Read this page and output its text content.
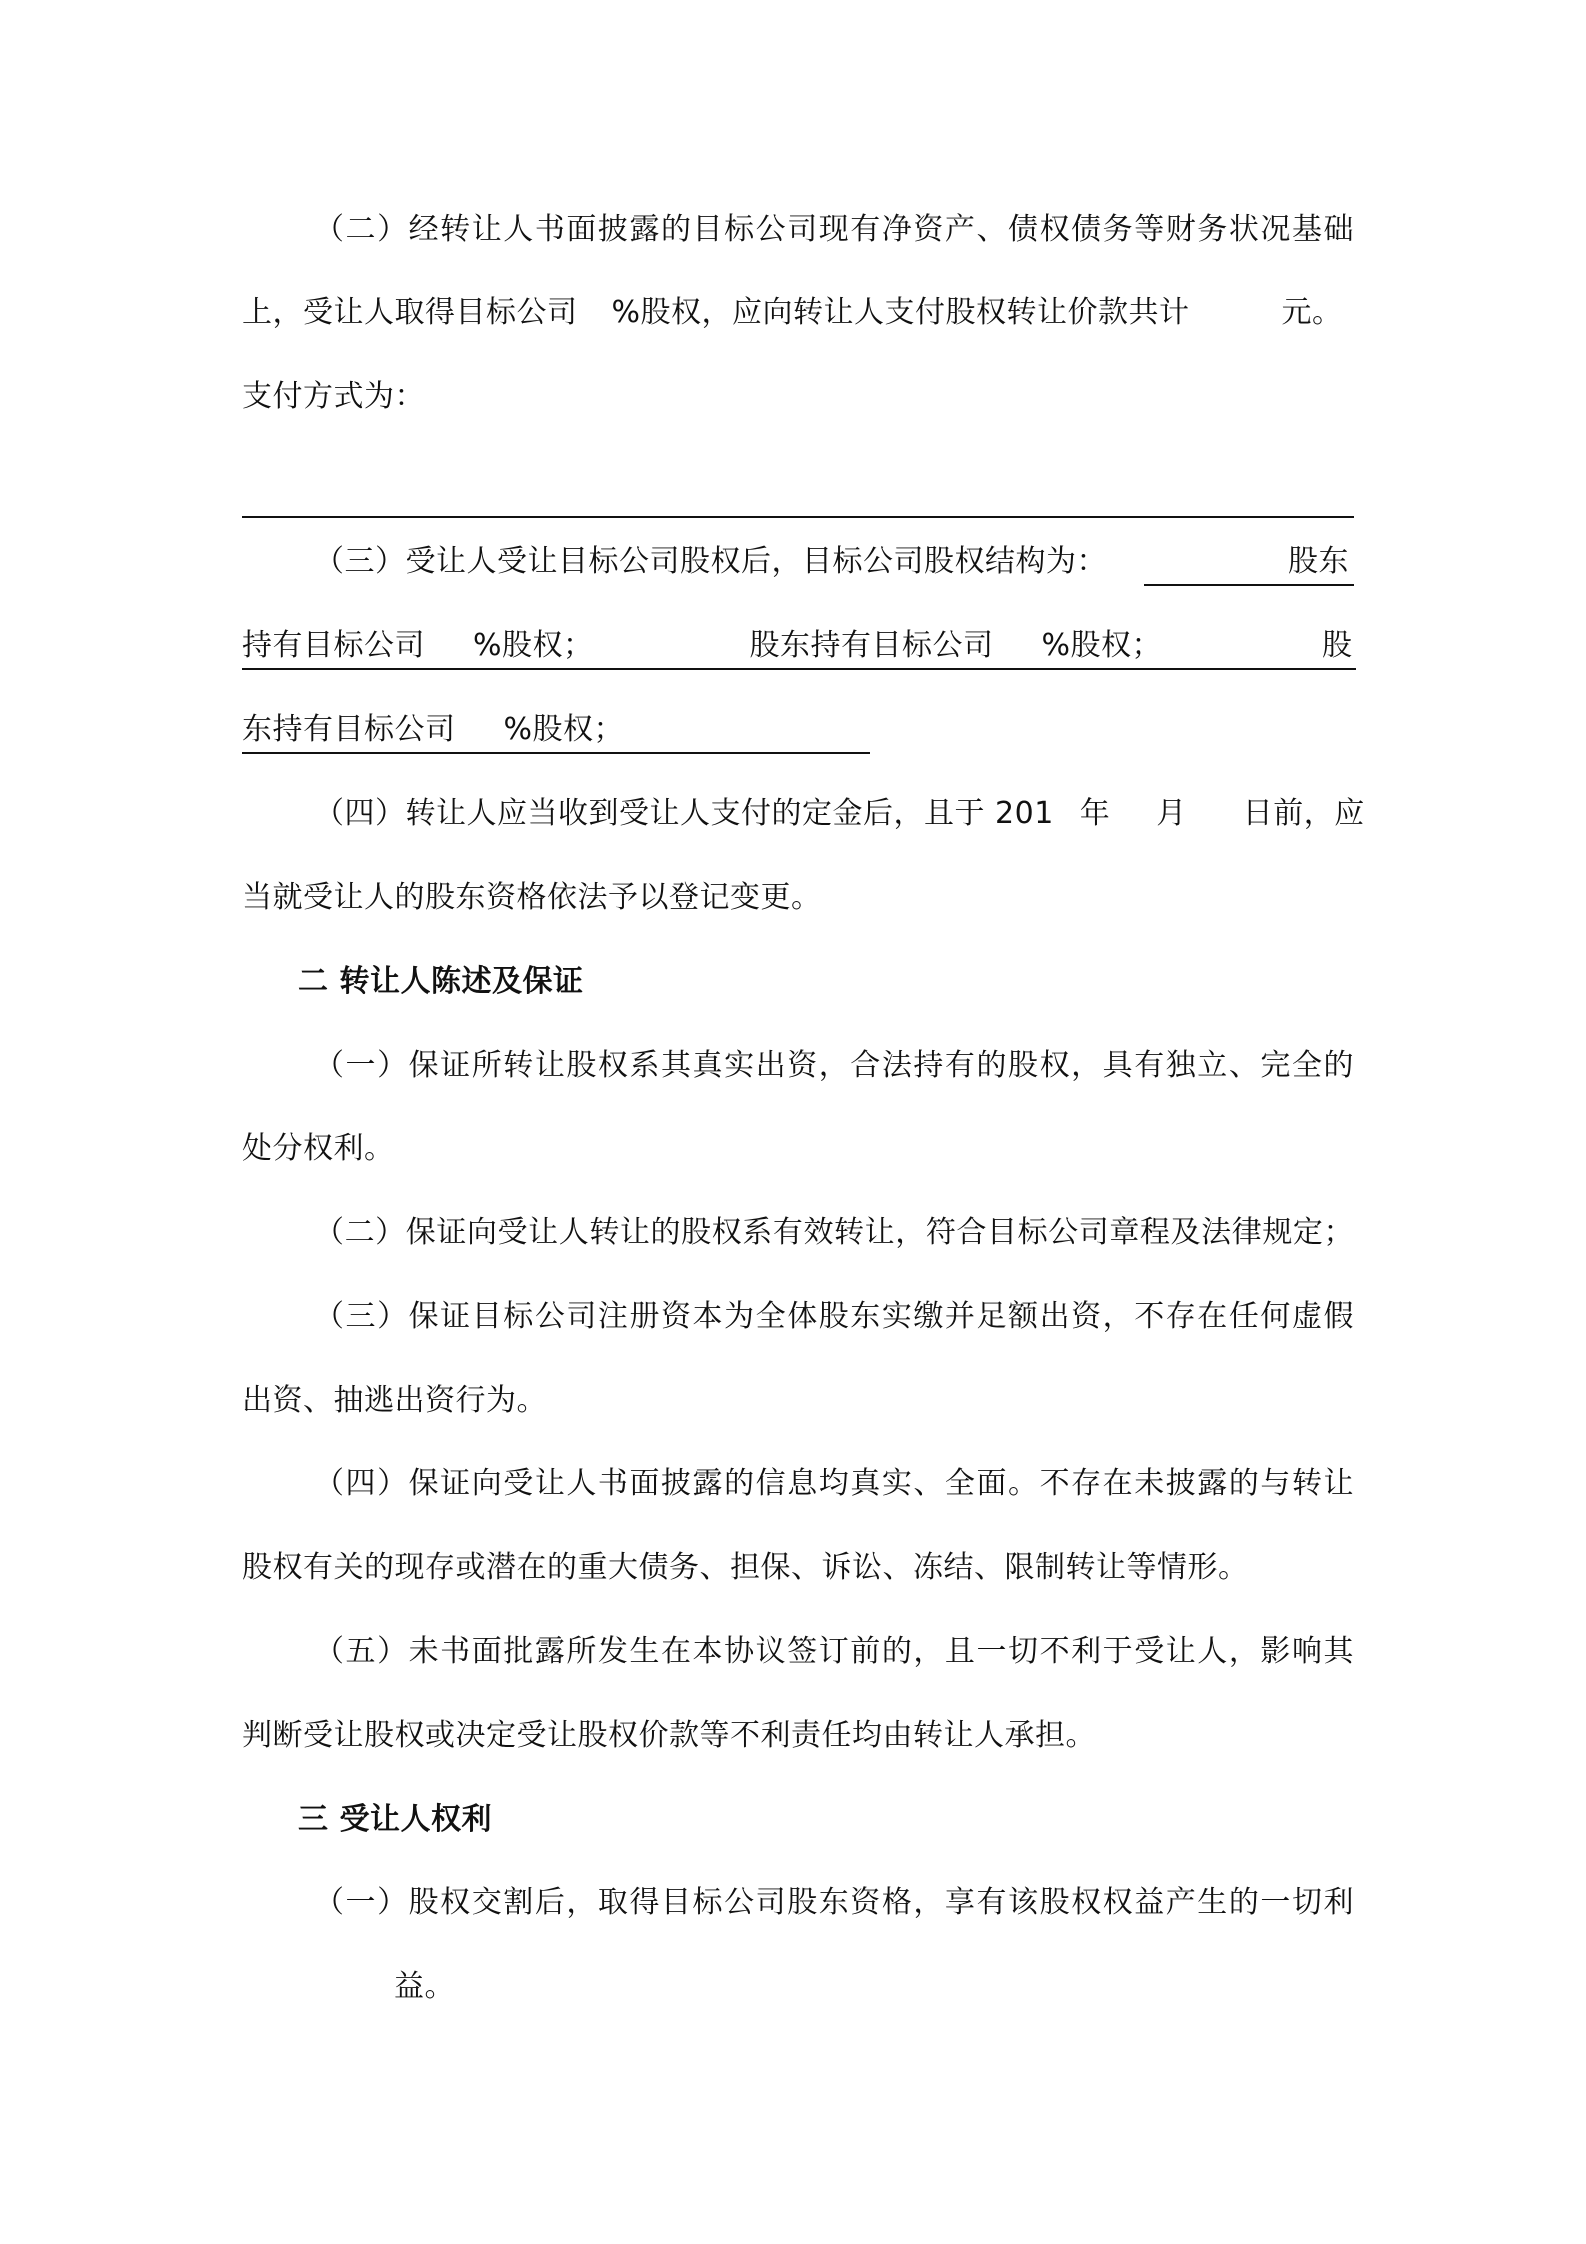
（二）经转让人书面披露的目标公司现有净资产、债权债务等财务状况基础
上，受让人取得目标公司 %股权，应向转让人支付股权转让价款共计	元。
支付方式为：
（三）受让人受让目标公司股权后，目标公司股权结构为：	股东
持有目标公司 %股权；	股东持有目标公司 %股权；	股
东持有目标公司 %股权；
（四）转让人应当收到受让人支付的定金后，且于 201 年 月 日前，应
当就受让人的股东资格依法予以登记变更。
二 转让人陈述及保证
（一）保证所转让股权系其真实出资，合法持有的股权，具有独立、完全的
处分权利。
（二）保证向受让人转让的股权系有效转让，符合目标公司章程及法律规定；
（三）保证目标公司注册资本为全体股东实缴并足额出资，不存在任何虚假
出资、抽逃出资行为。
（四）保证向受让人书面披露的信息均真实、全面。不存在未披露的与转让
股权有关的现存或潜在的重大债务、担保、诉讼、冻结、限制转让等情形。
（五）未书面批露所发生在本协议签订前的，且一切不利于受让人，影响其
判断受让股权或决定受让股权价款等不利责任均由转让人承担。
三 受让人权利
（一）股权交割后，取得目标公司股东资格，享有该股权权益产生的一切利
益。
